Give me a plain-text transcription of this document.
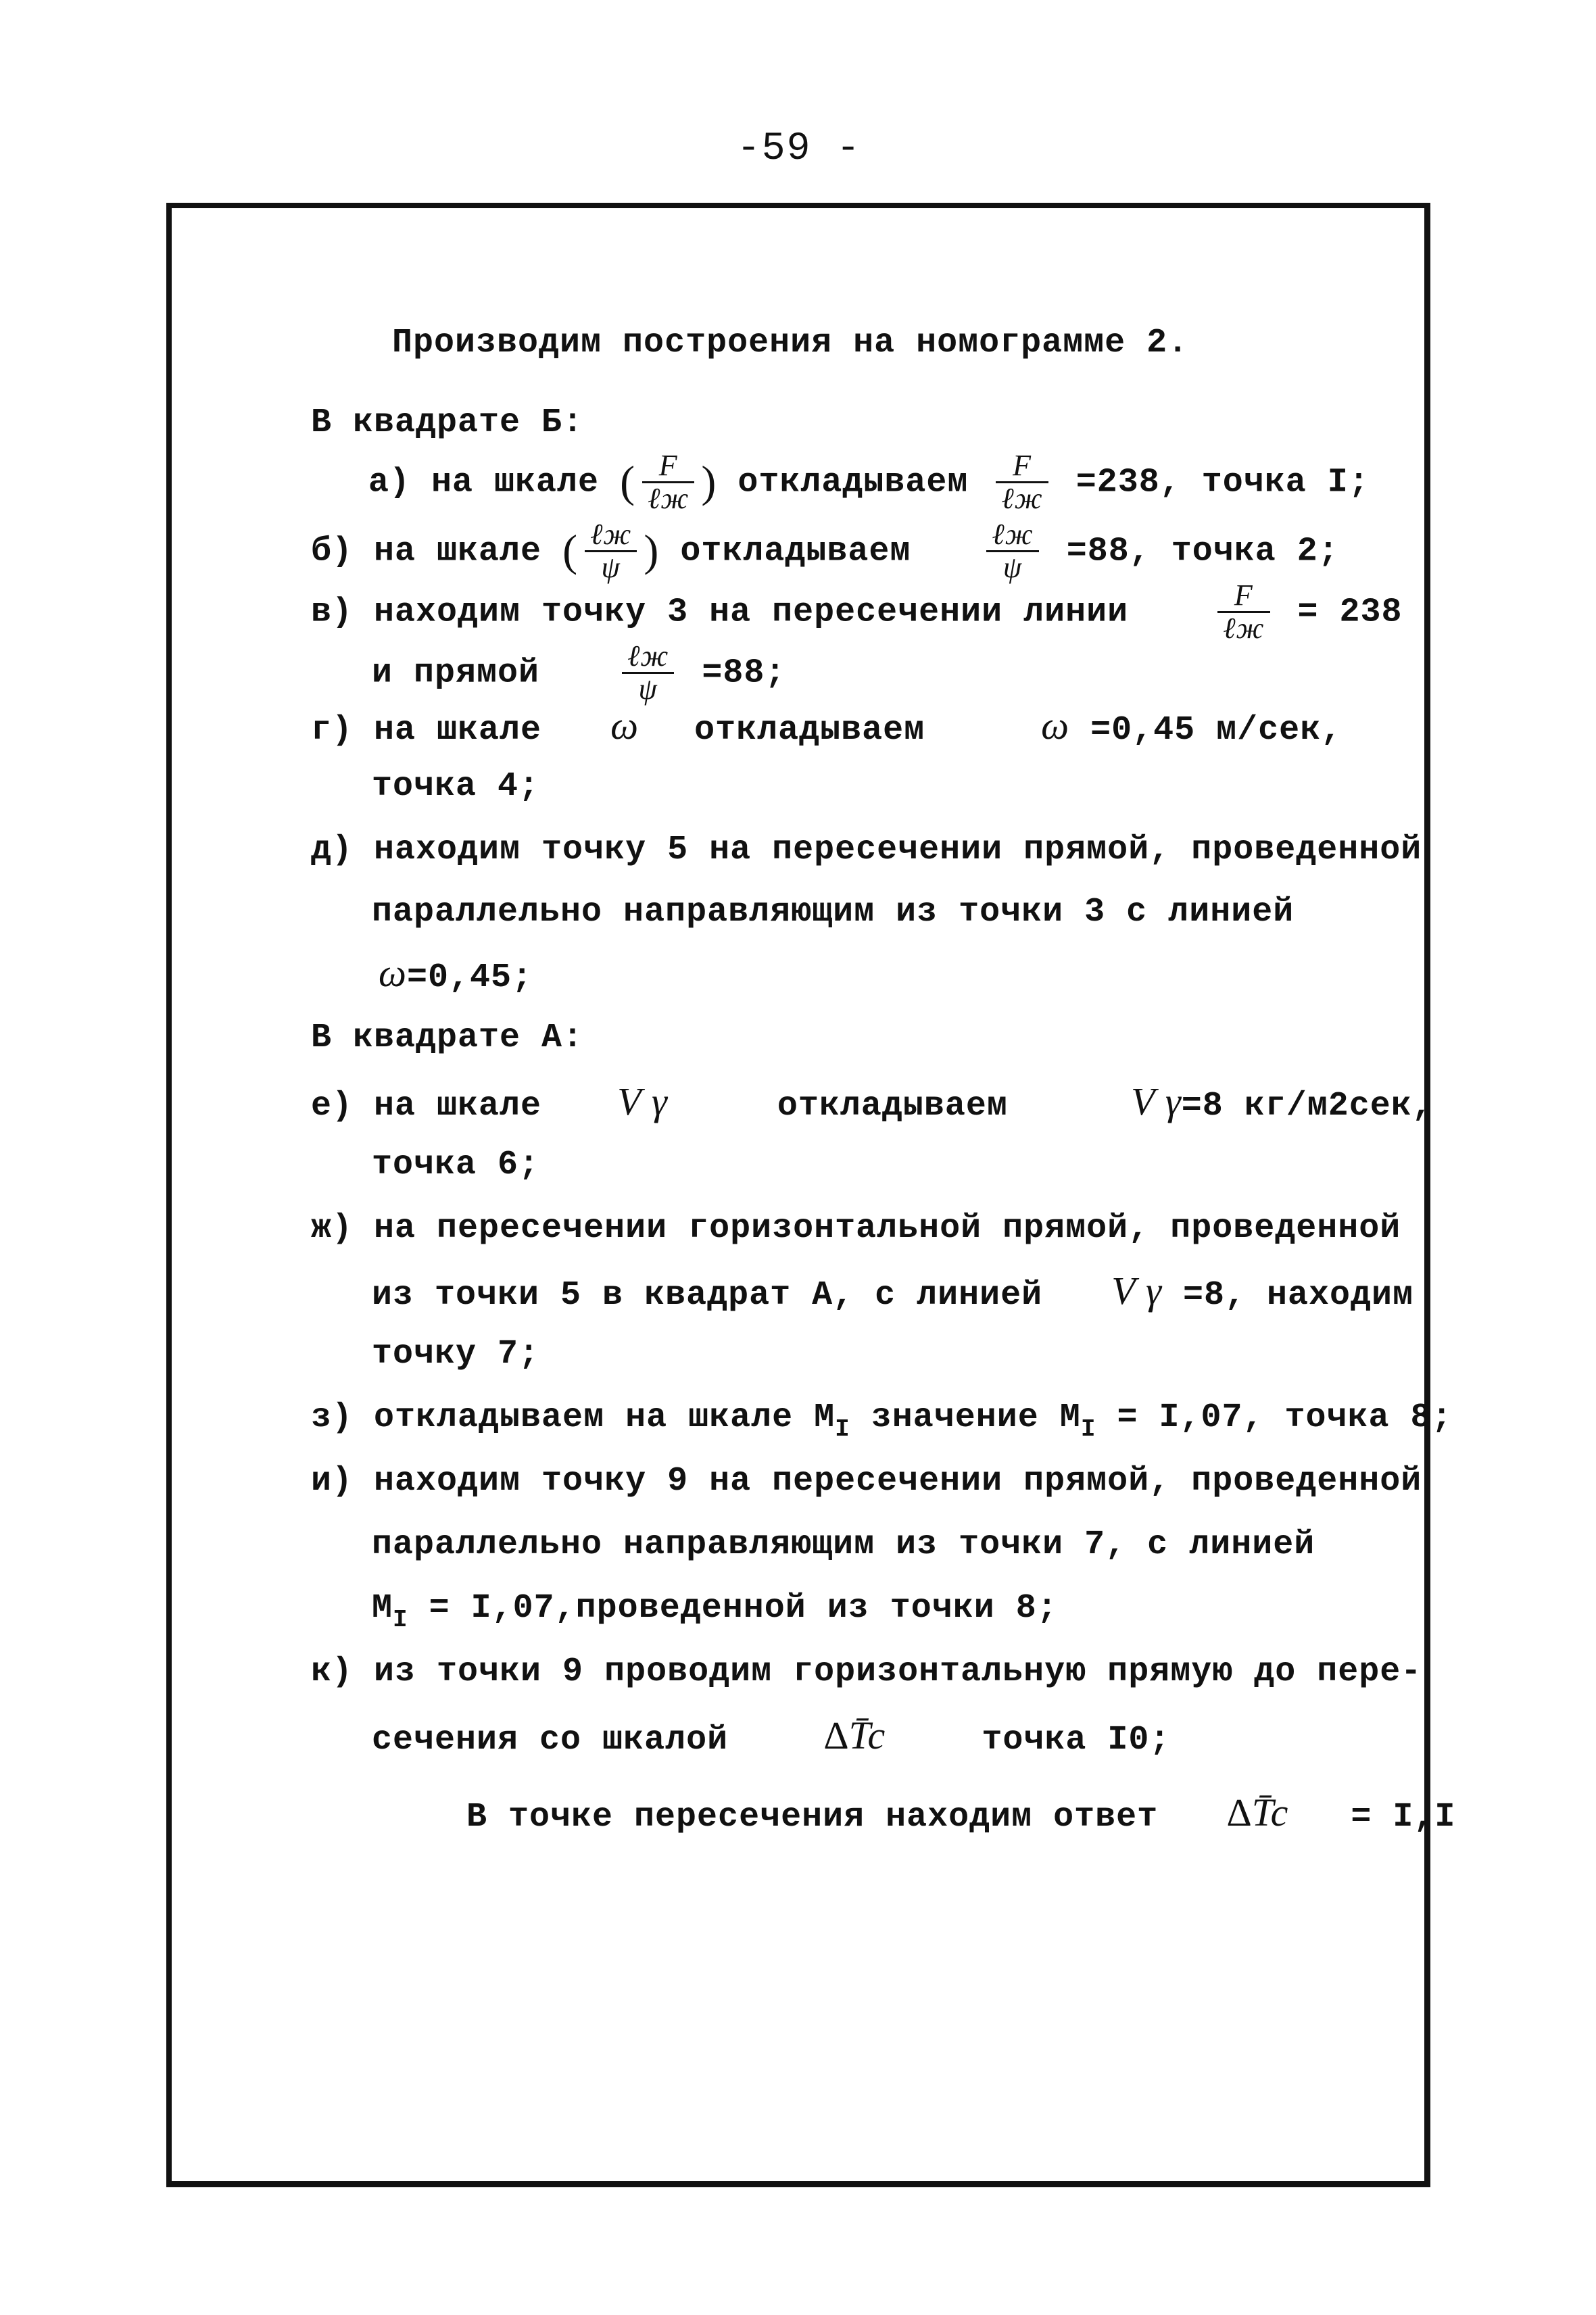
-59 -
Производим построения на номограмме 2.
В квадрате Б:
а) на шкале ( $\frac{F}{\text{ℓж}}$ ) откладываем $\frac{F}{\text{ℓж}} =238$, точка I;
б) на шкале ( $\frac{\text{ℓж}}{\psi}$ ) откладываем	$\frac{\text{ℓж}}{\psi} =88$, точка 2;
в) находим точку 3 на пересечении линии	$\frac{F}{\text{ℓж}} = 238$
и прямой	$\frac{\text{ℓж}}{\psi} =88$;
г) на шкале ω откладываем	ω =0,45 м/сек,
точка 4;
д) находим точку 5 на пересечении прямой, проведенной
параллельно направляющим из точки 3 с линией
ω=0,45;
В квадрате А:
е) на шкале V γ	откладываем	V γ=8 кг/м2сек,
точка 6;
ж) на пересечении горизонтальной прямой, проведенной
из точки 5 в квадрат А, с линией V γ =8, находим
точку 7;
з) откладываем на шкале $М_I$ значение $М_I = I,07$, точка 8;
и) находим точку 9 на пересечении прямой, проведенной
параллельно направляющим из точки 7, с линией
$М_I$ = I,07,проведенной из точки 8;
к) из точки 9 проводим горизонтальную прямую до пере-
сечения со шкалой ∆T̄c	точка I0;
В точке пересечения находим ответ ∆T̄c = I,I
